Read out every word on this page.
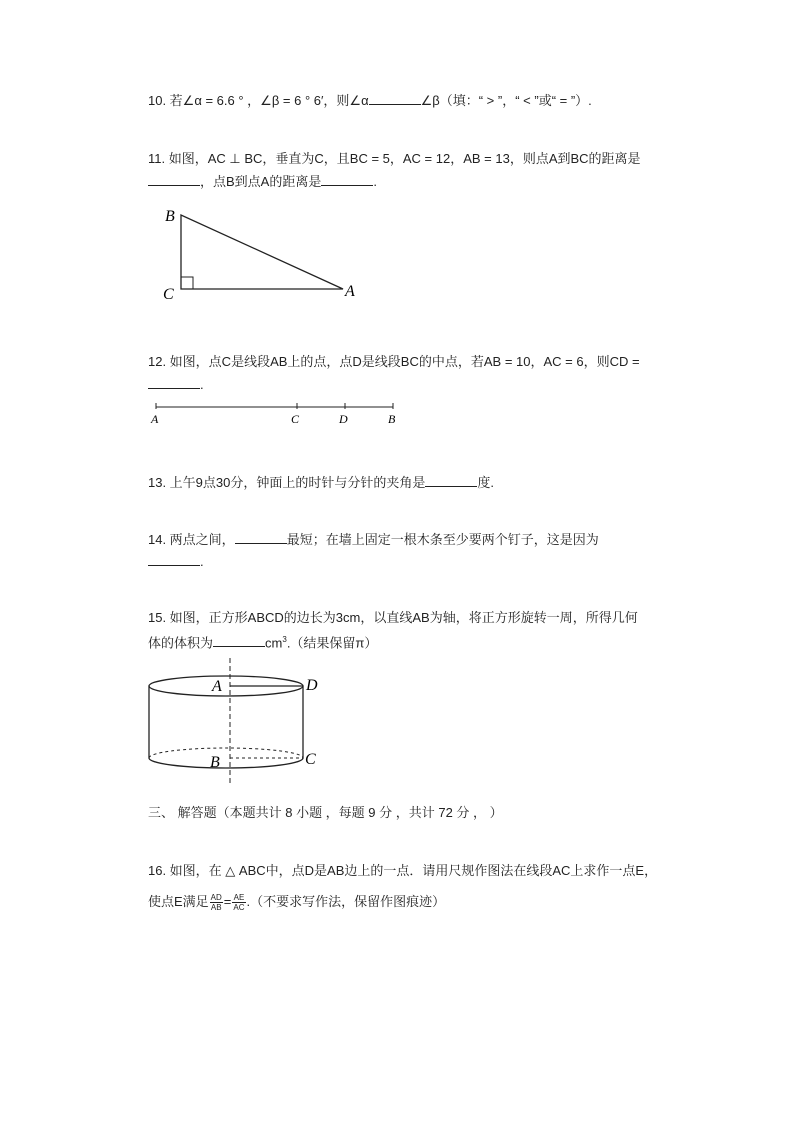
10. 若∠α = 6.6 ° ，∠β = 6 ° 6′，则∠α	∠β（填：“ > ”，“ < ”或“ = ”）.
11. 如图，AC ⊥ BC，垂直为C，且BC = 5，AC = 12，AB = 13，则点A到BC的距离是
，点B到点A的距离是	.
B
C	A
12. 如图，点C是线段AB上的点，点D是线段BC的中点，若AB = 10，AC = 6，则CD =
.
A	C	D	B
13. 上午9点30分，钟面上的时针与分针的夹角是	度.
14. 两点之间，	最短；在墙上固定一根木条至少要两个钉子，这是因为
.
15. 如图，正方形ABCD的边长为3cm，以直线AB为轴，将正方形旋转一周，所得几何
体的体积为	$cm^3$.（结果保留π）
A	D
B	C
三、 解答题（本题共计 8 小题 ，每题 9 分 ，共计 72 分 ， ）
16. 如图，在 △ ABC中，点D是AB边上的一点．请用尺规作图法在线段AC上求作一点E，
使点E满足 $\frac{AD}{AB} = \frac{AE}{AC}$ .（不要求写作法，保留作图痕迹）
